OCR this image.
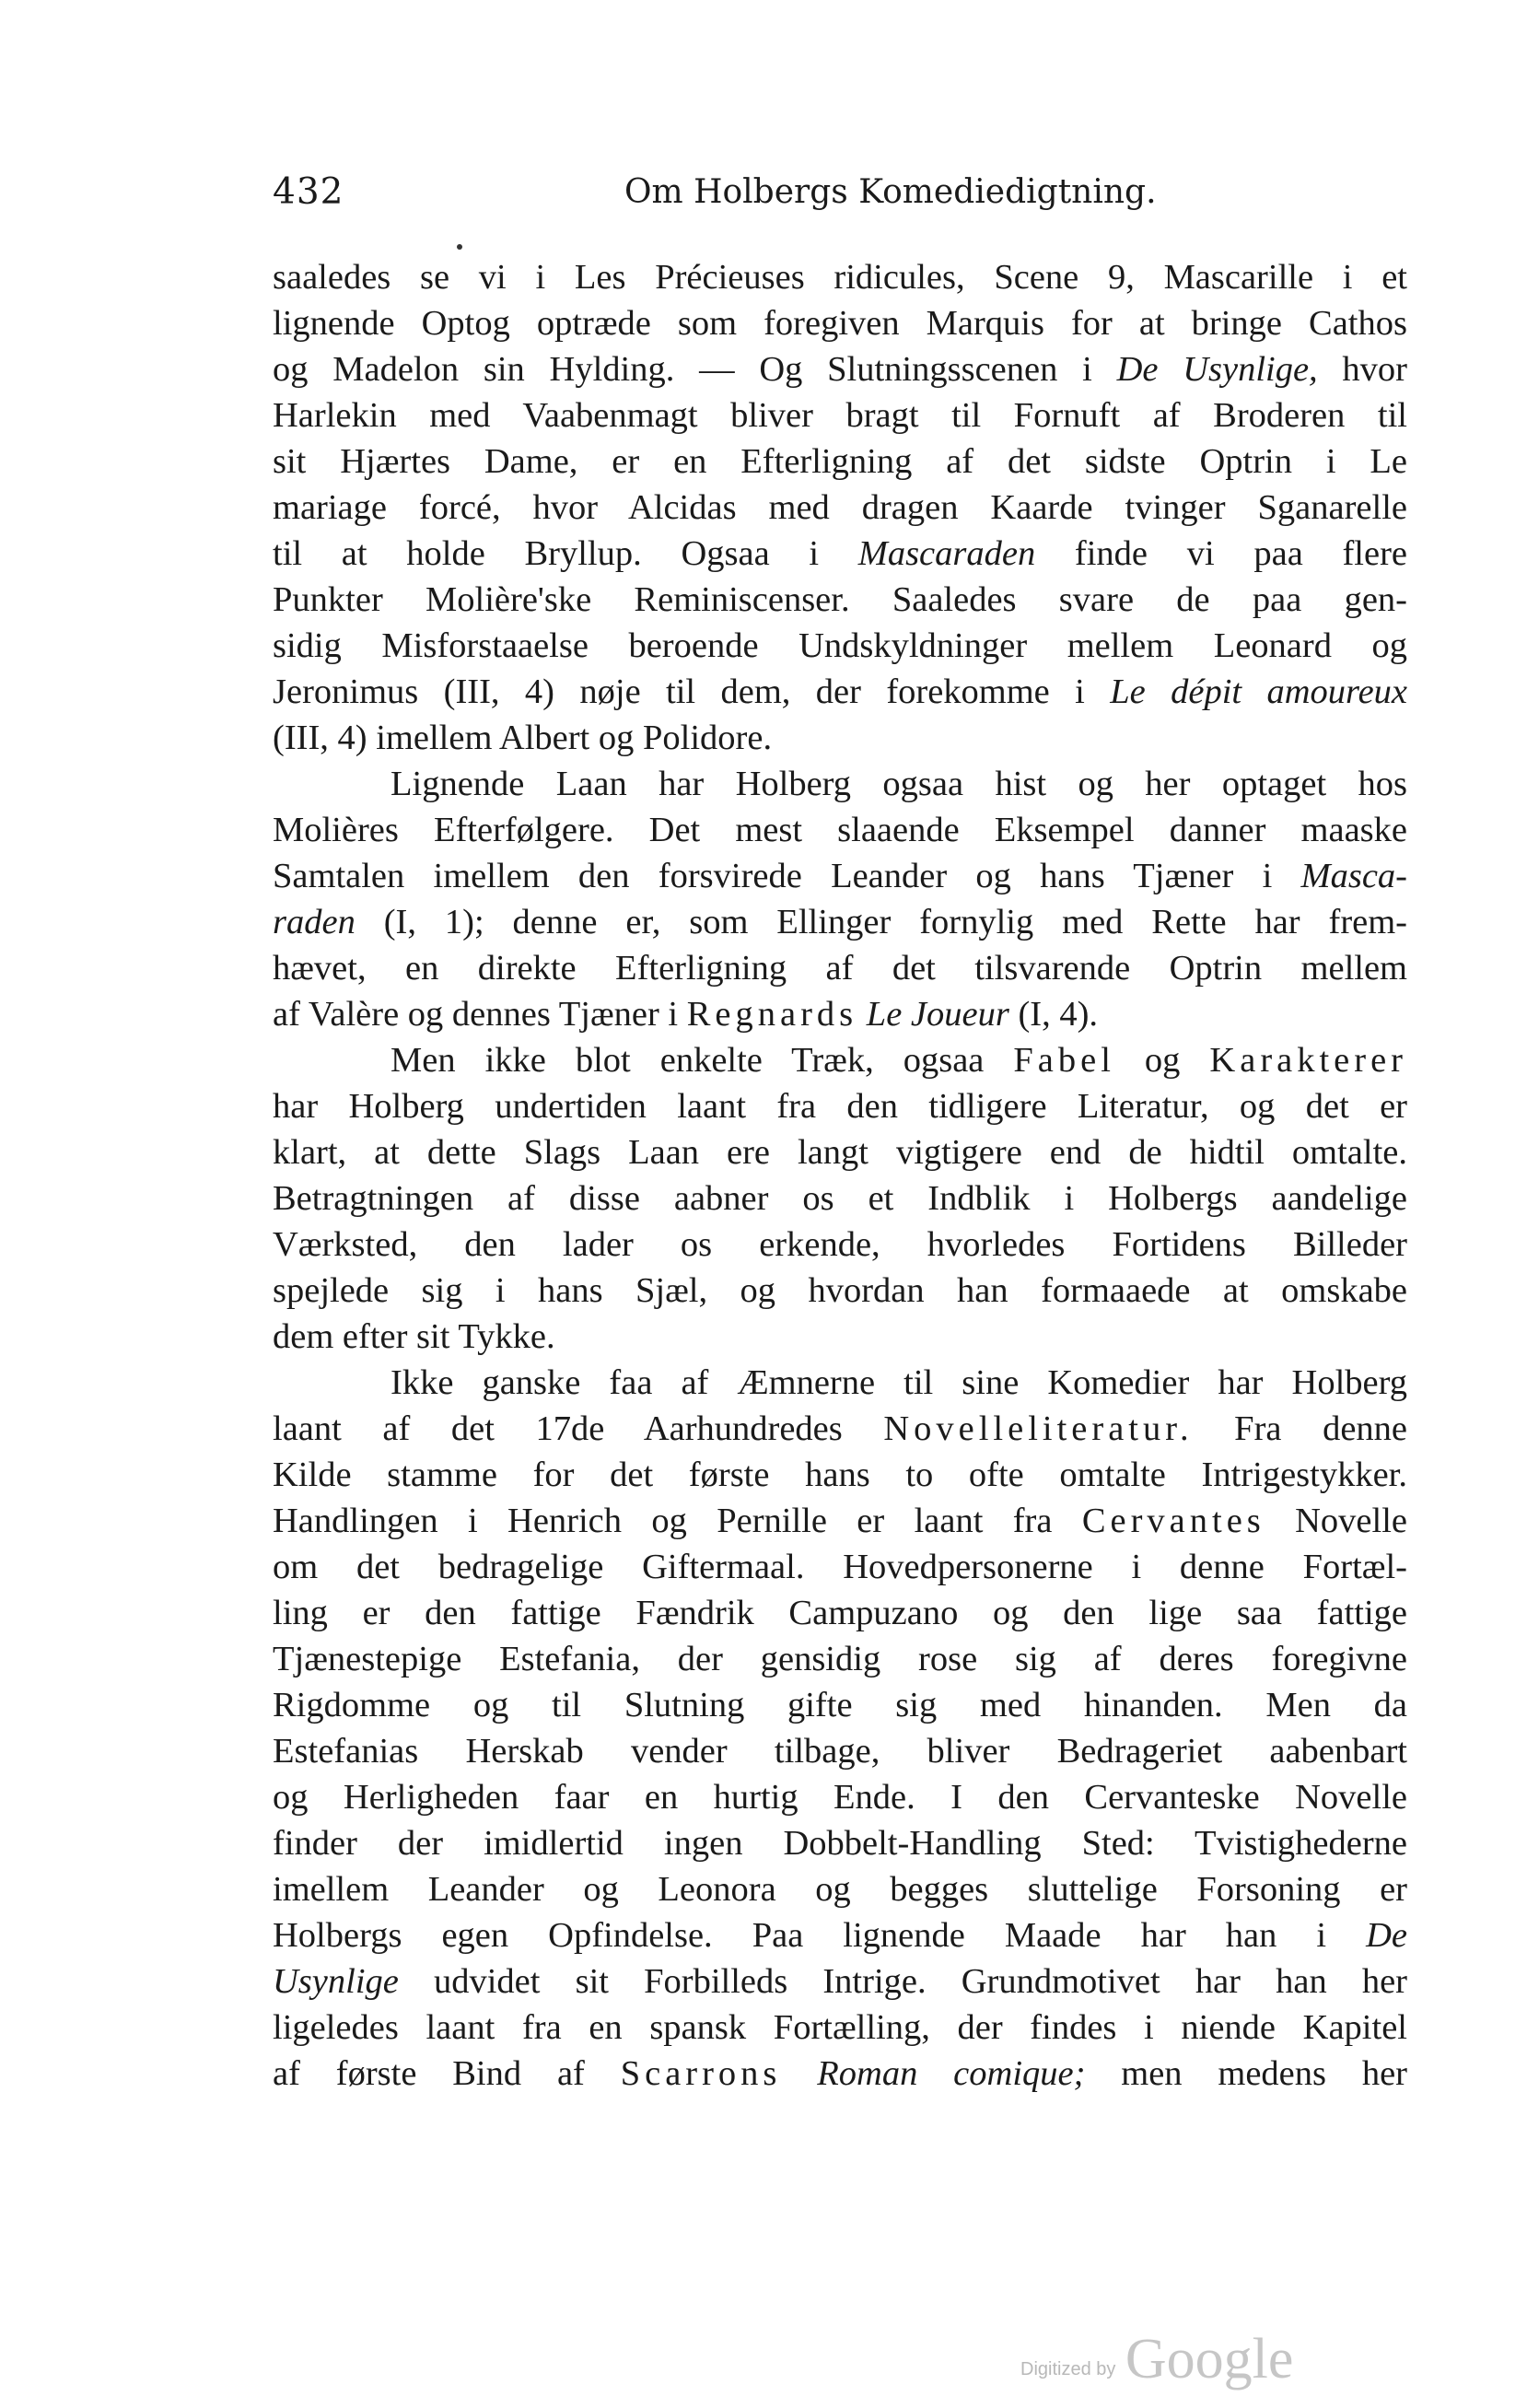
432	Om Holbergs Komediedigtning.
saaledes se vi i Les Précieuses ridicules, Scene 9, Mascarille i et
lignende Optog optræde som foregiven Marquis for at bringe Cathos
og Madelon sin Hylding. — Og Slutningsscenen i De Usynlige, hvor
Harlekin med Vaabenmagt bliver bragt til Fornuft af Broderen til
sit Hjærtes Dame, er en Efterligning af det sidste Optrin i Le
mariage forcé, hvor Alcidas med dragen Kaarde tvinger Sganarelle
til at holde Bryllup. Ogsaa i Mascaraden finde vi paa flere
Punkter Molière'ske Reminiscenser. Saaledes svare de paa gen-
sidig Misforstaaelse beroende Undskyldninger mellem Leonard og
Jeronimus (III, 4) nøje til dem, der forekomme i Le dépit amoureux
(III, 4) imellem Albert og Polidore.
Lignende Laan har Holberg ogsaa hist og her optaget hos
Molières Efterfølgere. Det mest slaaende Eksempel danner maaske
Samtalen imellem den forsvirede Leander og hans Tjæner i Masca-
raden (I, 1); denne er, som Ellinger fornylig med Rette har frem-
hævet, en direkte Efterligning af det tilsvarende Optrin mellem
af Valère og dennes Tjæner i Regnards Le Joueur (I, 4).
Men ikke blot enkelte Træk, ogsaa Fabel og Karakterer
har Holberg undertiden laant fra den tidligere Literatur, og det er
klart, at dette Slags Laan ere langt vigtigere end de hidtil omtalte.
Betragtningen af disse aabner os et Indblik i Holbergs aandelige
Værksted, den lader os erkende, hvorledes Fortidens Billeder
spejlede sig i hans Sjæl, og hvordan han formaaede at omskabe
dem efter sit Tykke.
Ikke ganske faa af Æmnerne til sine Komedier har Holberg
laant af det 17de Aarhundredes Novelleliteratur. Fra denne
Kilde stamme for det første hans to ofte omtalte Intrigestykker.
Handlingen i Henrich og Pernille er laant fra Cervantes Novelle
om det bedragelige Giftermaal. Hovedpersonerne i denne Fortæl-
ling er den fattige Fændrik Campuzano og den lige saa fattige
Tjænestepige Estefania, der gensidig rose sig af deres foregivne
Rigdomme og til Slutning gifte sig med hinanden. Men da
Estefanias Herskab vender tilbage, bliver Bedrageriet aabenbart
og Herligheden faar en hurtig Ende. I den Cervanteske Novelle
finder der imidlertid ingen Dobbelt-Handling Sted: Tvistighederne
imellem Leander og Leonora og begges sluttelige Forsoning er
Holbergs egen Opfindelse. Paa lignende Maade har han i De
Usynlige udvidet sit Forbilleds Intrige. Grundmotivet har han her
ligeledes laant fra en spansk Fortælling, der findes i niende Kapitel
af første Bind af Scarrons Roman comique; men medens her
Digitized by Google
